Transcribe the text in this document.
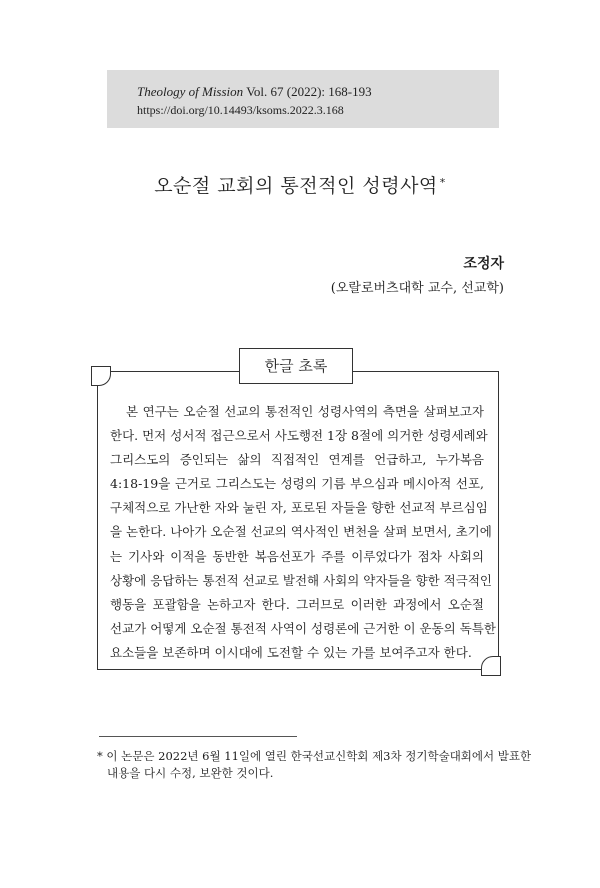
Theology of Mission Vol. 67 (2022): 168-193
https://doi.org/10.14493/ksoms.2022.3.168
오순절 교회의 통전적인 성령사역 *
조정자
(오랄로버츠대학 교수, 선교학)
한글 초록
본 연구는 오순절 선교의 통전적인 성령사역의 측면을 살펴보고자
한다. 먼저 성서적 접근으로서 사도행전 1장 8절에 의거한 성령세례와
그리스도의 증인되는 삶의 직접적인 연계를 언급하고, 누가복음
4:18-19을 근거로 그리스도는 성령의 기름 부으심과 메시아적 선포,
구체적으로 가난한 자와 눌린 자, 포로된 자들을 향한 선교적 부르심임
을 논한다. 나아가 오순절 선교의 역사적인 변천을 살펴 보면서, 초기에
는 기사와 이적을 동반한 복음선포가 주를 이루었다가 점차 사회의
상황에 응답하는 통전적 선교로 발전해 사회의 약자들을 향한 적극적인
행동을 포괄함을 논하고자 한다. 그러므로 이러한 과정에서 오순절
선교가 어떻게 오순절 통전적 사역이 성령론에 근거한 이 운동의 독특한
요소들을 보존하며 이시대에 도전할 수 있는 가를 보여주고자 한다.
* 이 논문은 2022년 6월 11일에 열린 한국선교신학회 제3차 정기학술대회에서 발표한
내용을 다시 수정, 보완한 것이다.
